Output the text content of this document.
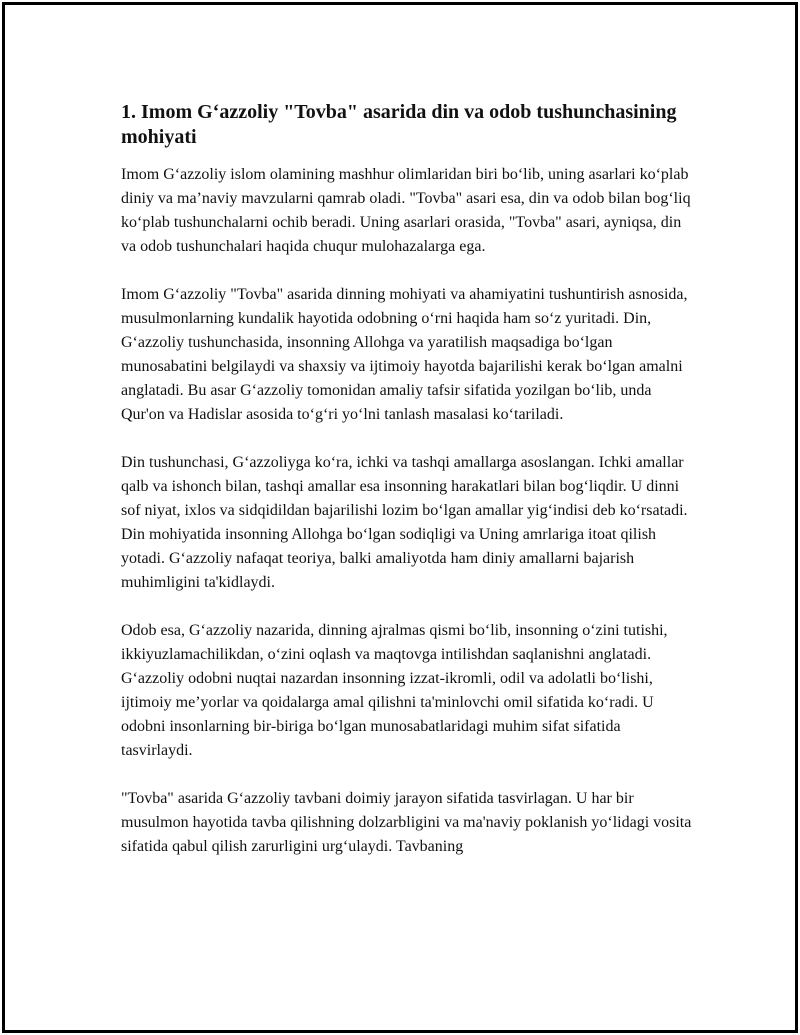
1. Imom G‘azzoliy "Tovba" asarida din va odob tushunchasining mohiyati

Imom G‘azzoliy islom olamining mashhur olimlaridan biri bo‘lib, uning asarlari ko‘plab diniy va ma’naviy mavzularni qamrab oladi. "Tovba" asari esa, din va odob bilan bog‘liq ko‘plab tushunchalarni ochib beradi. Uning asarlari orasida, "Tovba" asari, ayniqsa, din va odob tushunchalari haqida chuqur mulohazalarga ega.

Imom G‘azzoliy "Tovba" asarida dinning mohiyati va ahamiyatini tushuntirish asnosida, musulmonlarning kundalik hayotida odobning o‘rni haqida ham so‘z yuritadi. Din, G‘azzoliy tushunchasida, insonning Allohga va yaratilish maqsadiga bo‘lgan munosabatini belgilaydi va shaxsiy va ijtimoiy hayotda bajarilishi kerak bo‘lgan amalni anglatadi. Bu asar G‘azzoliy tomonidan amaliy tafsir sifatida yozilgan bo‘lib, unda Qur'on va Hadislar asosida to‘g‘ri yo‘lni tanlash masalasi ko‘tariladi.

Din tushunchasi, G‘azzoliyga ko‘ra, ichki va tashqi amallarga asoslangan. Ichki amallar qalb va ishonch bilan, tashqi amallar esa insonning harakatlari bilan bog‘liqdir. U dinni sof niyat, ixlos va sidqidildan bajarilishi lozim bo‘lgan amallar yig‘indisi deb ko‘rsatadi. Din mohiyatida insonning Allohga bo‘lgan sodiqligi va Uning amrlariga itoat qilish yotadi. G‘azzoliy nafaqat teoriya, balki amaliyotda ham diniy amallarni bajarish muhimligini ta'kidlaydi.

Odob esa, G‘azzoliy nazarida, dinning ajralmas qismi bo‘lib, insonning o‘zini tutishi, ikkiyuzlamachilikdan, o‘zini oqlash va maqtovga intilishdan saqlanishni anglatadi. G‘azzoliy odobni nuqtai nazardan insonning izzat-ikromli, odil va adolatli bo‘lishi, ijtimoiy me’yorlar va qoidalarga amal qilishni ta'minlovchi omil sifatida ko‘radi. U odobni insonlarning bir-biriga bo‘lgan munosabatlaridagi muhim sifat sifatida tasvirlaydi.

"Tovba" asarida G‘azzoliy tavbani doimiy jarayon sifatida tasvirlagan. U har bir musulmon hayotida tavba qilishning dolzarbligini va ma'naviy poklanish yo‘lidagi vosita sifatida qabul qilish zarurligini urg‘ulaydi. Tavbaning
